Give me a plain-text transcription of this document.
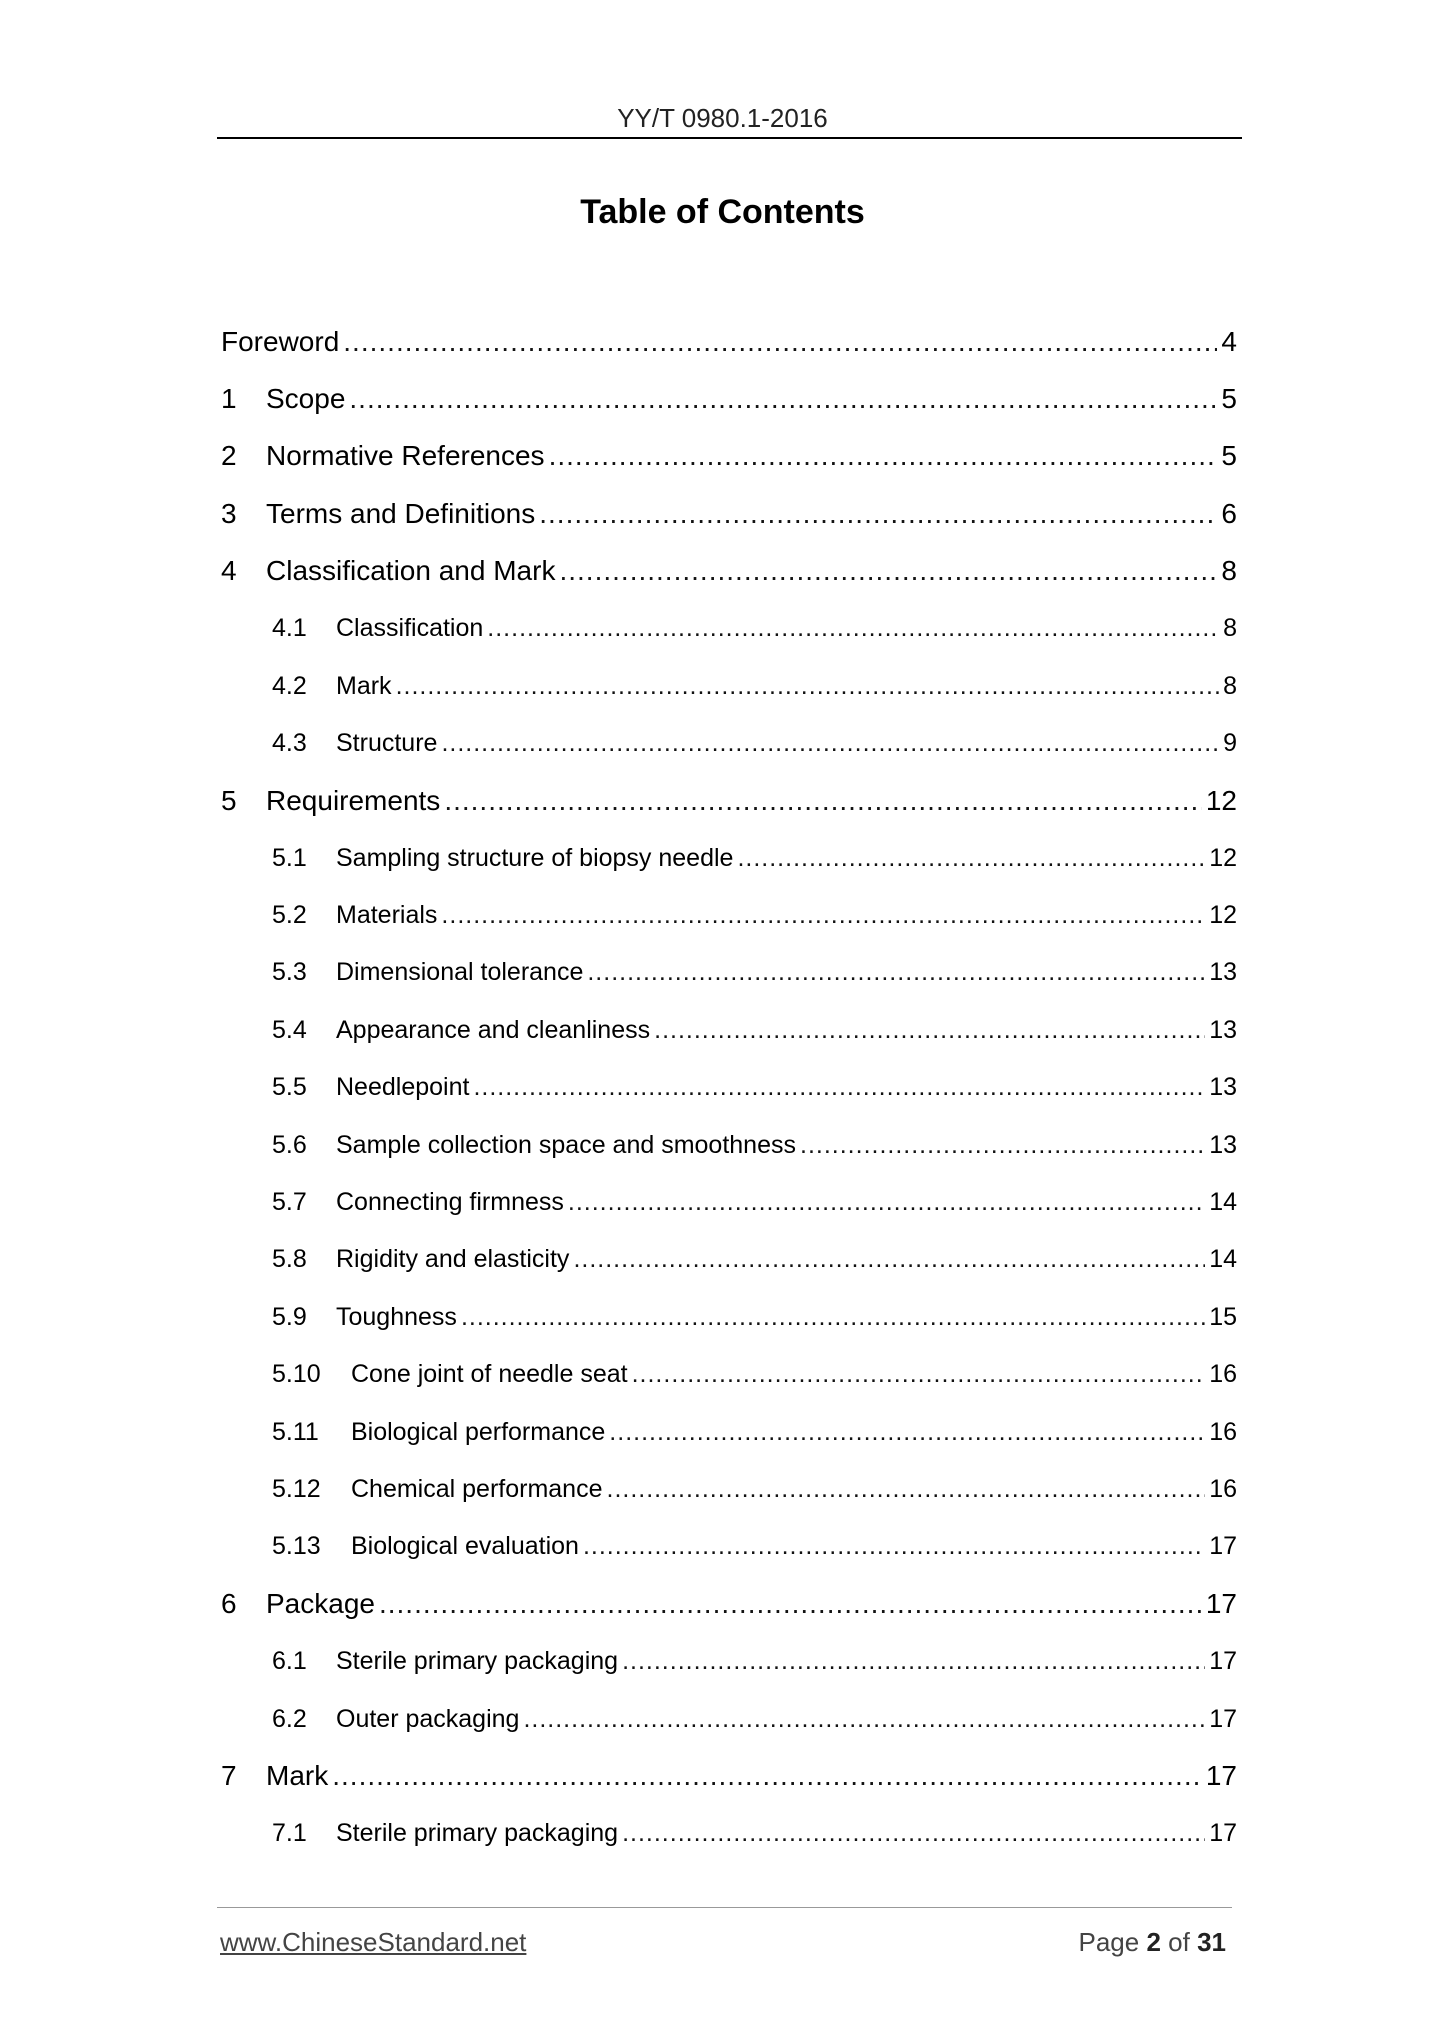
YY/T 0980.1-2016
Table of Contents
Foreword .....	4
1	Scope .....	5
2	Normative References .....	5
3	Terms and Definitions .....	6
4	Classification and Mark .....	8
4.1	Classification .....	8
4.2	Mark .....	8
4.3	Structure .....	9
5	Requirements .....	12
5.1	Sampling structure of biopsy needle .....	12
5.2	Materials .....	12
5.3	Dimensional tolerance .....	13
5.4	Appearance and cleanliness .....	13
5.5	Needlepoint .....	13
5.6	Sample collection space and smoothness .....	13
5.7	Connecting firmness .....	14
5.8	Rigidity and elasticity .....	14
5.9	Toughness .....	15
5.10	Cone joint of needle seat .....	16
5.11	Biological performance .....	16
5.12	Chemical performance .....	16
5.13	Biological evaluation .....	17
6	Package .....	17
6.1	Sterile primary packaging .....	17
6.2	Outer packaging .....	17
7	Mark .....	17
7.1	Sterile primary packaging .....	17
www.ChineseStandard.net	Page 2 of 31
